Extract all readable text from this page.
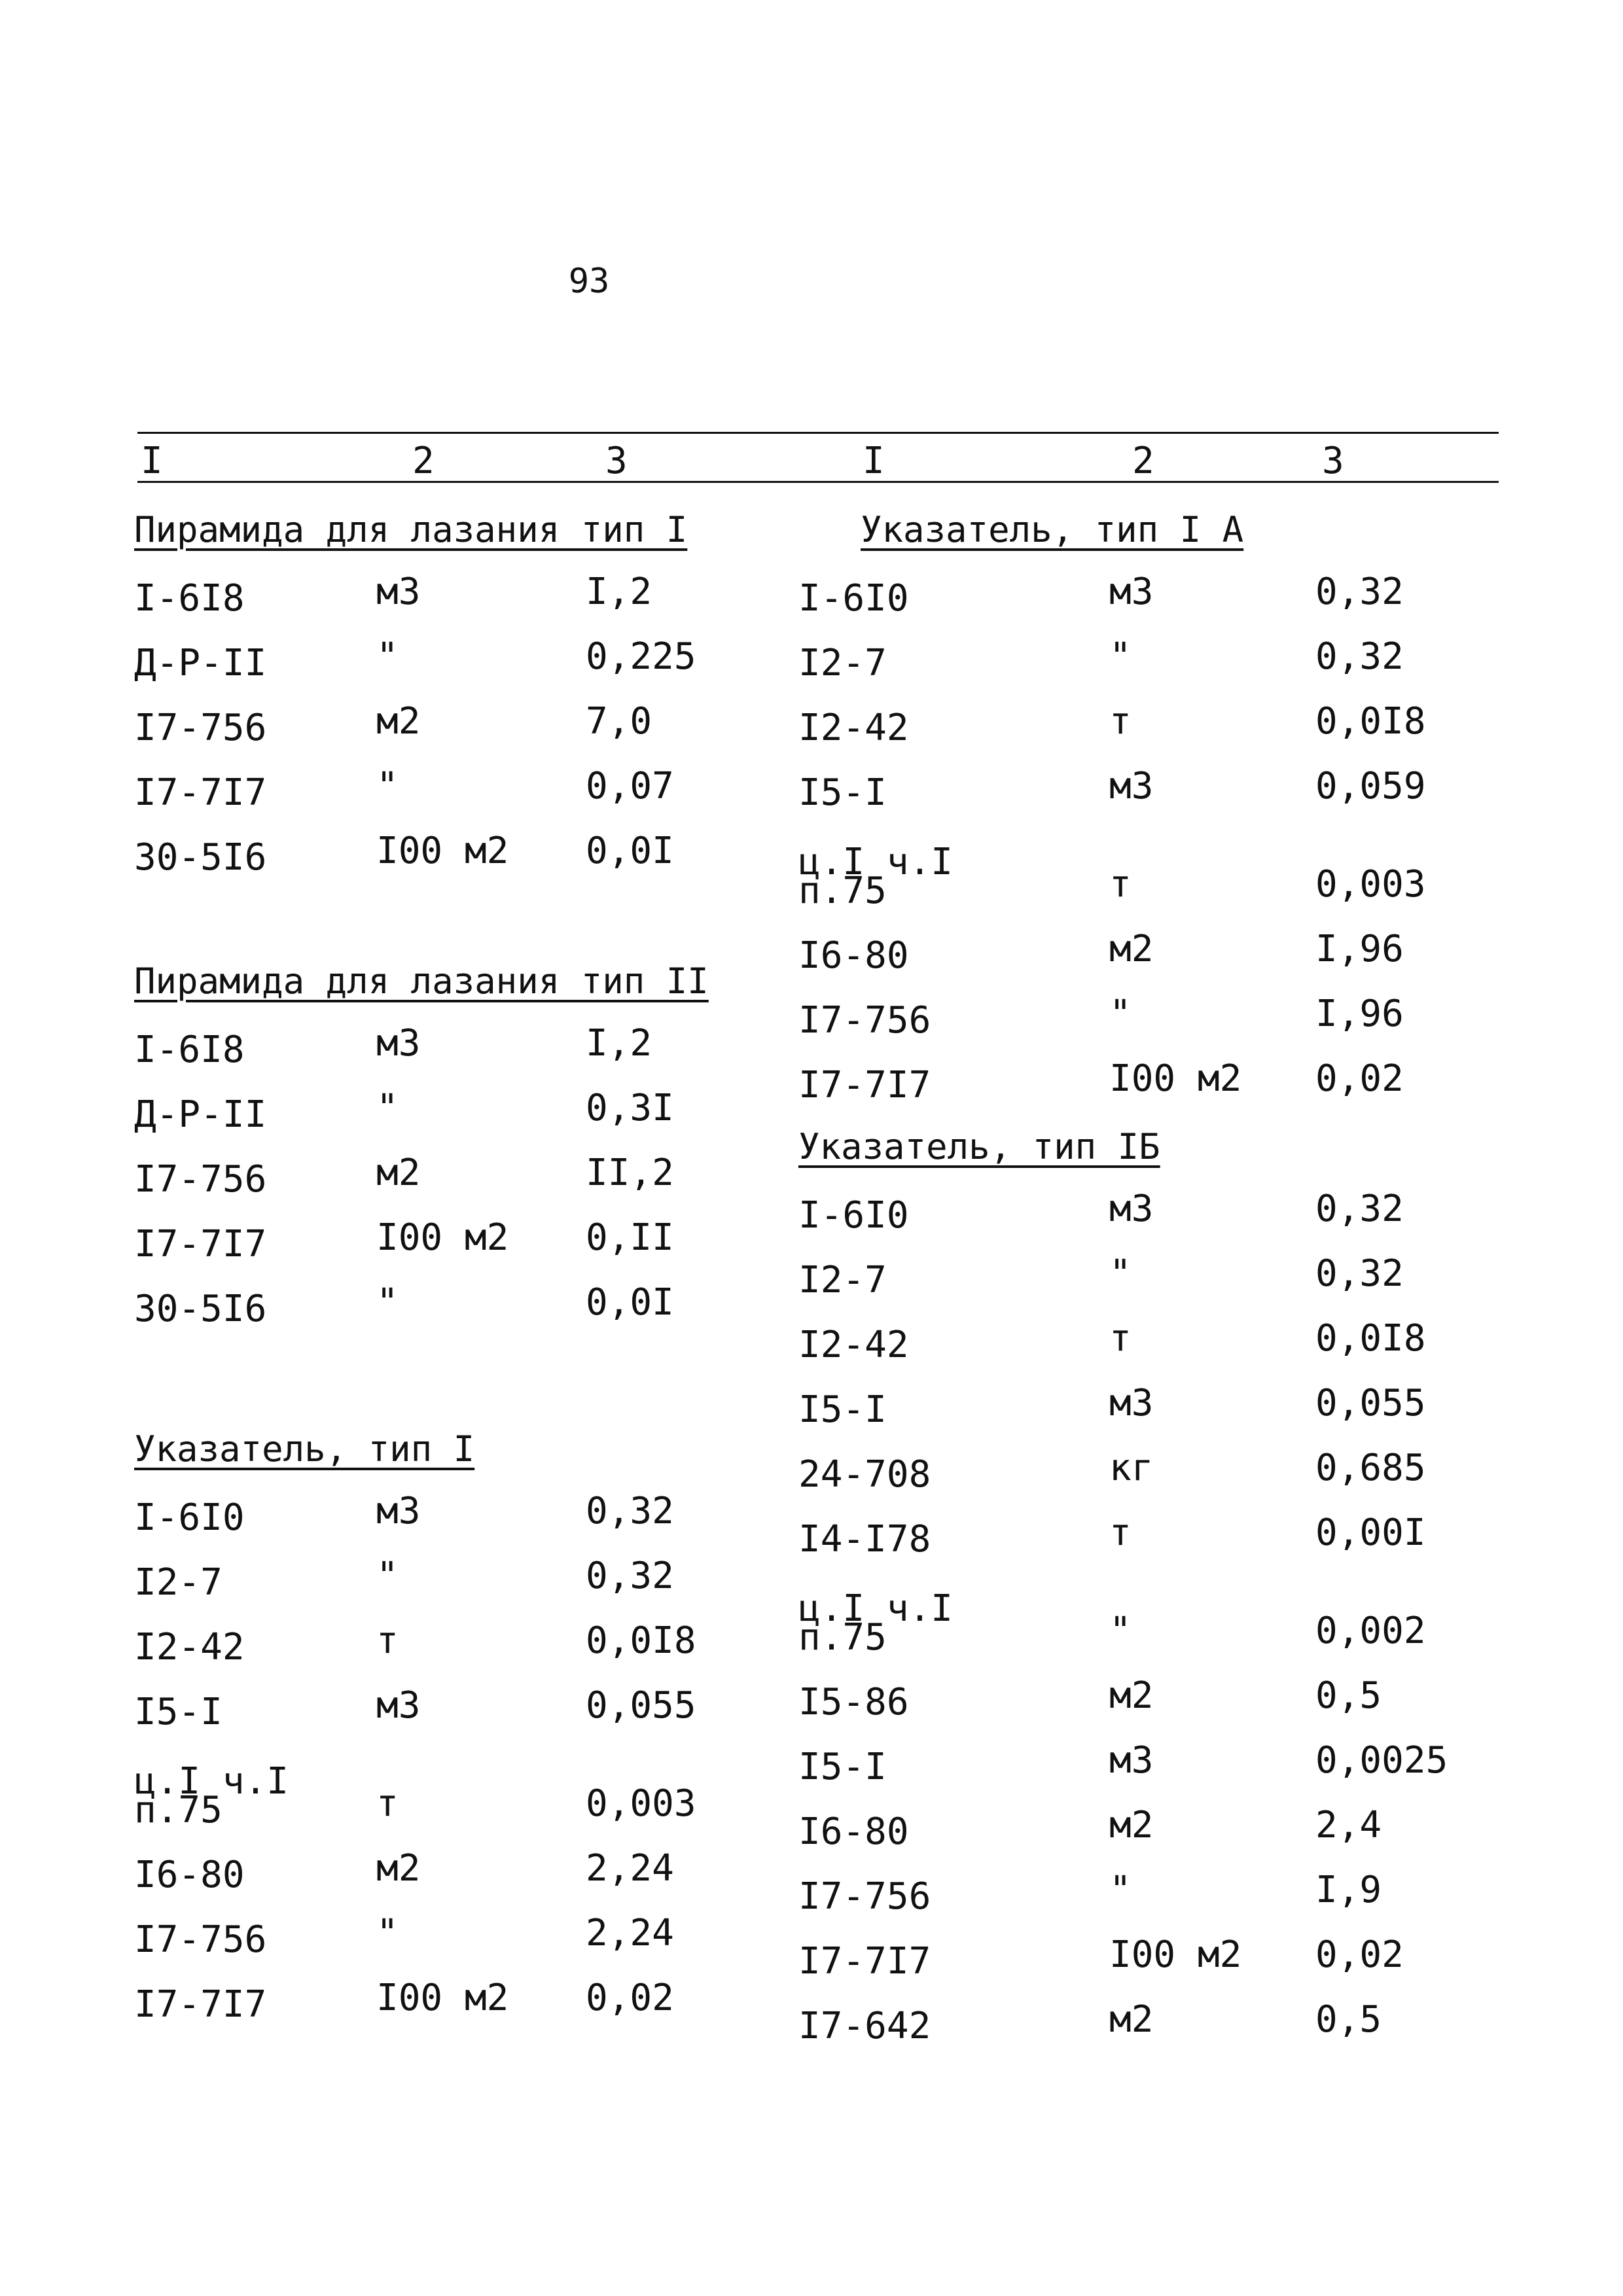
93
I	2	3	I	2	3
Пирамида для лазания тип I
I-6I8	м3	I,2
Д-Р-II	"	0,225
I7-756	м2	7,0
I7-7I7	"	0,07
30-5I6	I00 м2 0,0I
Пирамида для лазания тип II
I-6I8	м3	I,2
Д-Р-II	"	0,3I
I7-756	м2	II,2
I7-7I7	I00 м2 0,II
30-5I6	"	0,0I
Указатель, тип I
I-6I0	м3	0,32
I2-7	"	0,32
I2-42	т	0,0I8
I5-I	м3	0,055
ц.I ч.I
п.75	т	0,003
I6-80	м2	2,24
I7-756	"	2,24
I7-7I7	I00 м2 0,02
Указатель, тип I А
I-6I0	м3	0,32
I2-7	"	0,32
I2-42	т	0,0I8
I5-I	м3	0,059
ц.I ч.I
п.75	т	0,003
I6-80	м2	I,96
I7-756	"	I,96
I7-7I7	I00 м2 0,02
Указатель, тип IБ
I-6I0	м3	0,32
I2-7	"	0,32
I2-42	т	0,0I8
I5-I	м3	0,055
24-708	кг	0,685
I4-I78	т	0,00I
ц.I ч.I
п.75	"	0,002
I5-86	м2	0,5
I5-I	м3	0,0025
I6-80	м2	2,4
I7-756	"	I,9
I7-7I7	I00 м2 0,02
I7-642	м2	0,5
